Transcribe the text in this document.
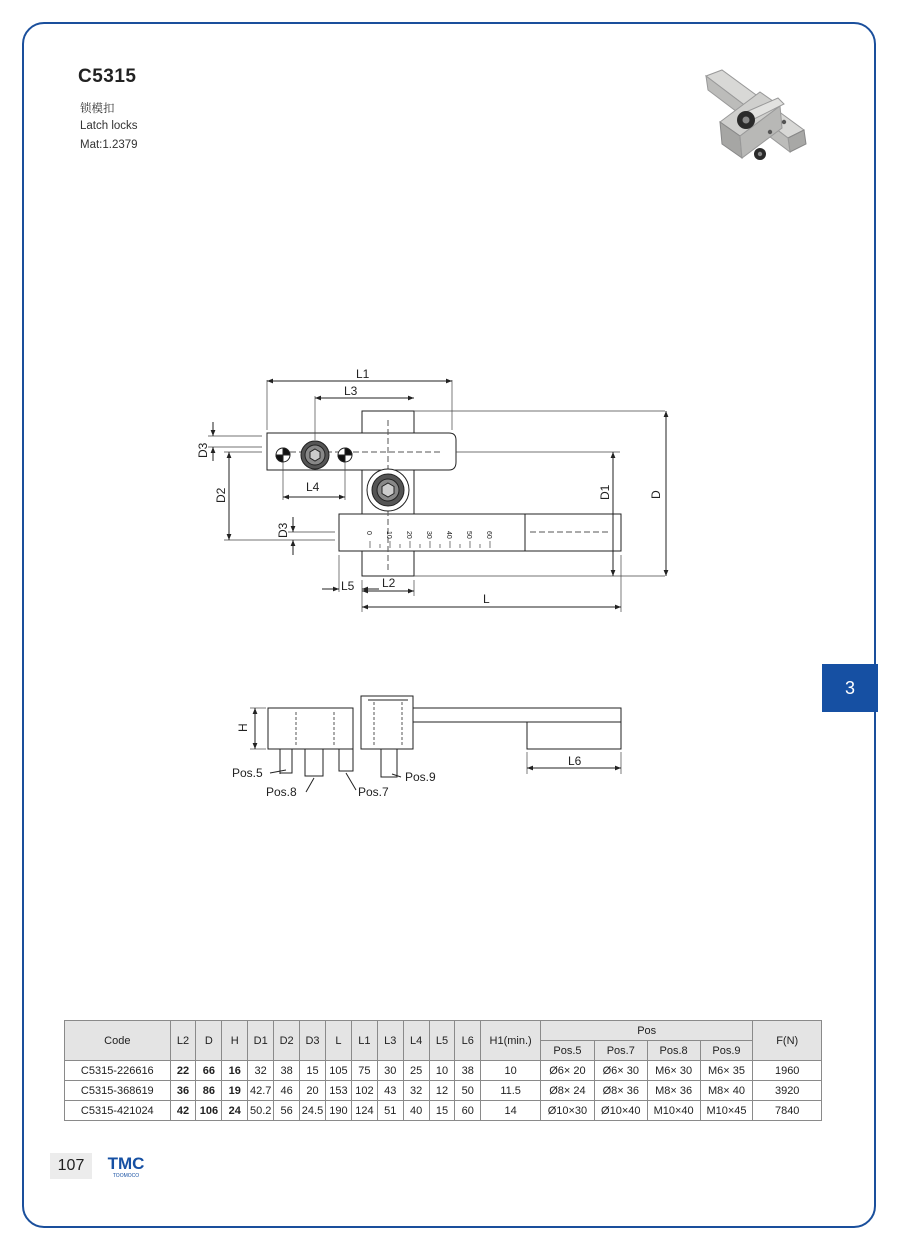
C5315
锁模扣
Latch locks
Mat:1.2379
L1
L3
D3
D2
L4
D3
D1	D
L5 L2
L
H
L6
Pos.5
Pos.8	Pos.7
Pos.9
0 10 20 30 40 50 60
3
Code	L2	D	H	D1	D2	D3	L	L1	L3	L4	L5	L6	H1(min.)	Pos				F(N)
														Pos.5	Pos.7	Pos.8	Pos.9	
C5315-226616	22	66	16	32	38	15	105	75	30	25	10	38	10	Ø6× 20	Ø6× 30	M6× 30	M6× 35	1960
C5315-368619	36	86	19	42.7	46	20	153	102	43	32	12	50	11.5	Ø8× 24	Ø8× 36	M8× 36	M8× 40	3920
C5315-421024	42	106	24	50.2	56	24.5	190	124	51	40	15	60	14	Ø10×30	Ø10×40	M10×40	M10×45	7840
107	TMC
TOOMOCO
